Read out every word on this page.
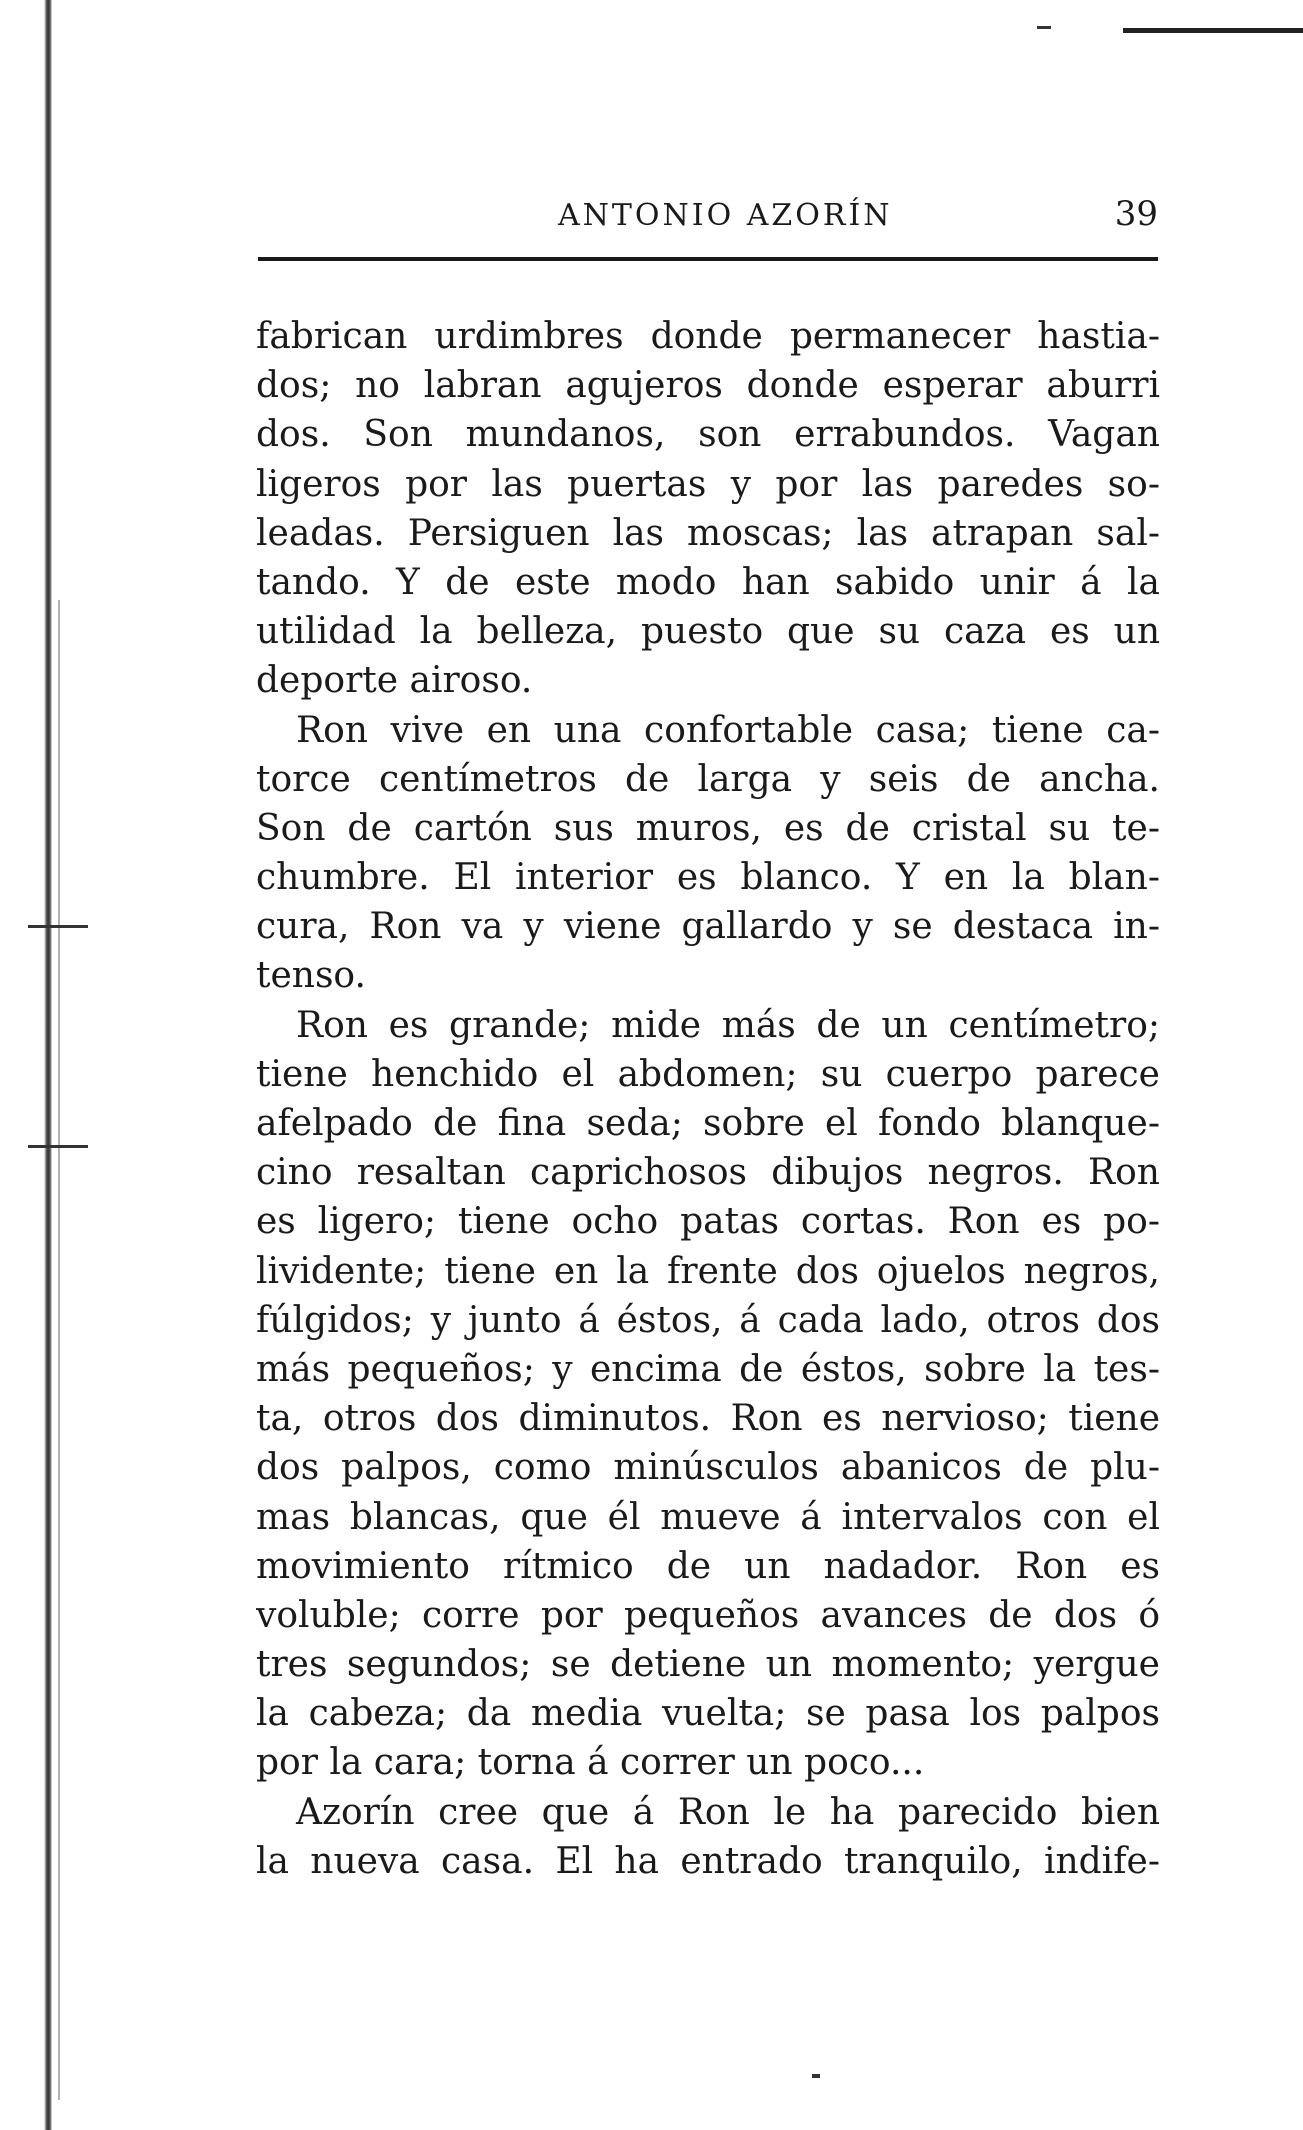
ANTONIO AZORÍN	39
fabrican urdimbres donde permanecer hastia-
dos; no labran agujeros donde esperar aburri
dos. Son mundanos, son errabundos. Vagan
ligeros por las puertas y por las paredes so-
leadas. Persiguen las moscas; las atrapan sal-
tando. Y de este modo han sabido unir á la
utilidad la belleza, puesto que su caza es un
deporte airoso.
Ron vive en una confortable casa; tiene ca-
torce centímetros de larga y seis de ancha.
Son de cartón sus muros, es de cristal su te-
chumbre. El interior es blanco. Y en la blan-
cura, Ron va y viene gallardo y se destaca in-
tenso.
Ron es grande; mide más de un centímetro;
tiene henchido el abdomen; su cuerpo parece
afelpado de fina seda; sobre el fondo blanque-
cino resaltan caprichosos dibujos negros. Ron
es ligero; tiene ocho patas cortas. Ron es po-
lividente; tiene en la frente dos ojuelos negros,
fúlgidos; y junto á éstos, á cada lado, otros dos
más pequeños; y encima de éstos, sobre la tes-
ta, otros dos diminutos. Ron es nervioso; tiene
dos palpos, como minúsculos abanicos de plu-
mas blancas, que él mueve á intervalos con el
movimiento rítmico de un nadador. Ron es
voluble; corre por pequeños avances de dos ó
tres segundos; se detiene un momento; yergue
la cabeza; da media vuelta; se pasa los palpos
por la cara; torna á correr un poco...
Azorín cree que á Ron le ha parecido bien
la nueva casa. El ha entrado tranquilo, indife-
